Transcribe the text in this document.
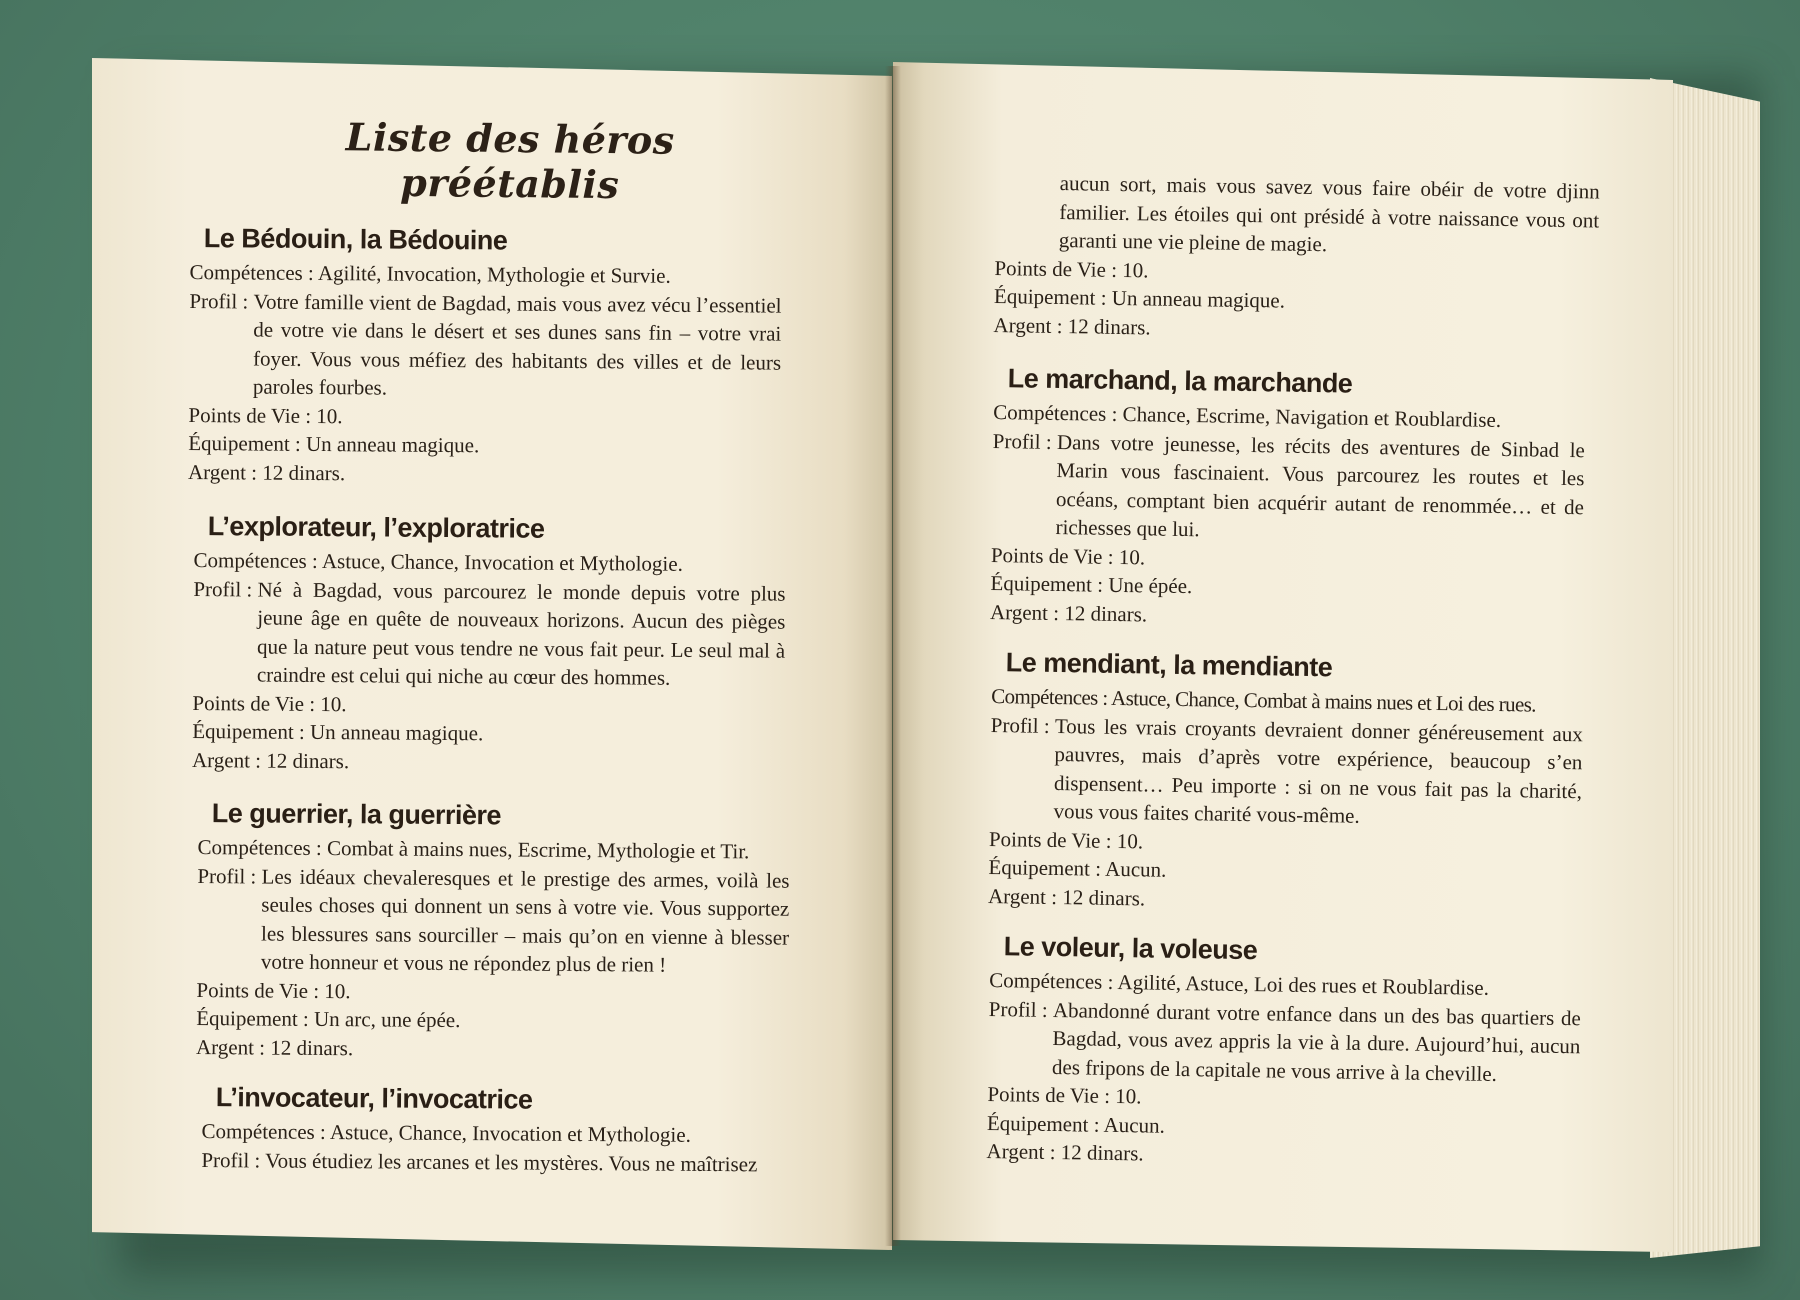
Liste des héros préétablis
Le Bédouin, la Bédouine
Compétences : Agilité, Invocation, Mythologie et Survie.
Profil :
Votre famille vient de Bagdad, mais vous avez vécu l’essentiel de votre vie dans le désert et ses dunes sans fin – votre vrai foyer. Vous vous méfiez des habitants des villes et de leurs paroles fourbes.
Points de Vie : 10.
Équipement : Un anneau magique.
Argent : 12 dinars.
L’explorateur, l’exploratrice
Compétences : Astuce, Chance, Invocation et Mythologie.
Profil :
Né à Bagdad, vous parcourez le monde depuis votre plus jeune âge en quête de nouveaux horizons. Aucun des pièges que la nature peut vous tendre ne vous fait peur. Le seul mal à craindre est celui qui niche au cœur des hommes.
Points de Vie : 10.
Équipement : Un anneau magique.
Argent : 12 dinars.
Le guerrier, la guerrière
Compétences : Combat à mains nues, Escrime, Mythologie et Tir.
Profil :
Les idéaux chevaleresques et le prestige des armes, voilà les seules choses qui donnent un sens à votre vie. Vous supportez les blessures sans sourciller – mais qu’on en vienne à blesser votre honneur et vous ne répondez plus de rien !
Points de Vie : 10.
Équipement : Un arc, une épée.
Argent : 12 dinars.
L’invocateur, l’invocatrice
Compétences : Astuce, Chance, Invocation et Mythologie.
Profil : Vous étudiez les arcanes et les mystères. Vous ne maîtrisez
aucun sort, mais vous savez vous faire obéir de votre djinn familier. Les étoiles qui ont présidé à votre naissance vous ont garanti une vie pleine de magie.
Points de Vie : 10.
Équipement : Un anneau magique.
Argent : 12 dinars.
Le marchand, la marchande
Compétences : Chance, Escrime, Navigation et Roublardise.
Profil :
Dans votre jeunesse, les récits des aventures de Sinbad le Marin vous fascinaient. Vous parcourez les routes et les océans, comptant bien acquérir autant de renommée… et de richesses que lui.
Points de Vie : 10.
Équipement : Une épée.
Argent : 12 dinars.
Le mendiant, la mendiante
Compétences : Astuce, Chance, Combat à mains nues et Loi des rues.
Profil :
Tous les vrais croyants devraient donner généreusement aux pauvres, mais d’après votre expérience, beaucoup s’en dispensent… Peu importe : si on ne vous fait pas la charité, vous vous faites charité vous-même.
Points de Vie : 10.
Équipement : Aucun.
Argent : 12 dinars.
Le voleur, la voleuse
Compétences : Agilité, Astuce, Loi des rues et Roublardise.
Profil :
Abandonné durant votre enfance dans un des bas quartiers de Bagdad, vous avez appris la vie à la dure. Aujourd’hui, aucun des fripons de la capitale ne vous arrive à la cheville.
Points de Vie : 10.
Équipement : Aucun.
Argent : 12 dinars.
